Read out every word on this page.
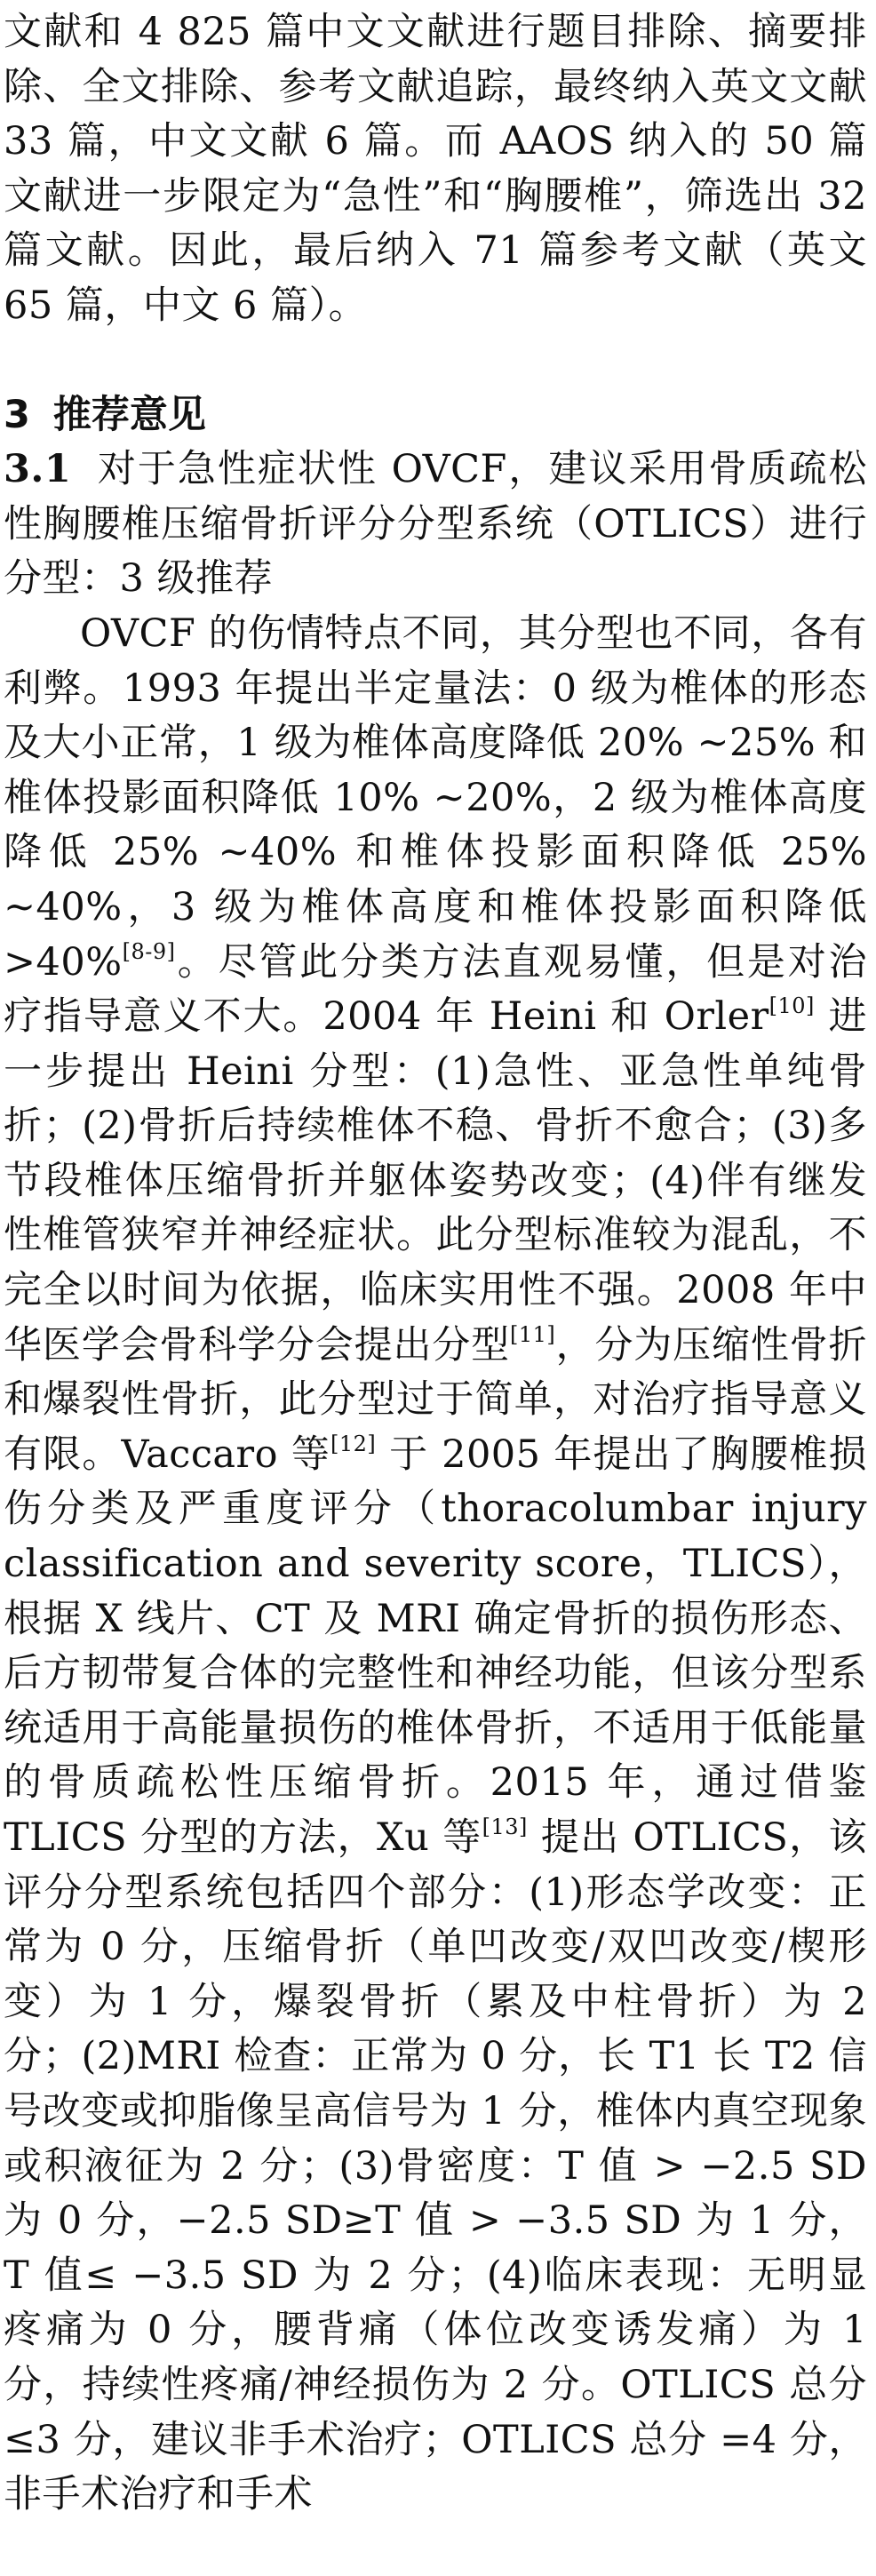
文献和 4 825 篇中文文献进行题目排除、摘要排除、全文排除、参考文献追踪，最终纳入英文文献 33 篇，中文文献 6 篇。而 AAOS 纳入的 50 篇文献进一步限定为“急性”和“胸腰椎”，筛选出 32 篇文献。因此，最后纳入 71 篇参考文献（英文 65 篇，中文 6 篇）。

3 推荐意见

3.1 对于急性症状性 OVCF，建议采用骨质疏松性胸腰椎压缩骨折评分分型系统（OTLICS）进行分型：3 级推荐

OVCF 的伤情特点不同，其分型也不同，各有利弊。1993 年提出半定量法：0 级为椎体的形态及大小正常，1 级为椎体高度降低 20% ~25% 和椎体投影面积降低 10% ~20%，2 级为椎体高度降低 25% ~40% 和椎体投影面积降低 25% ~40%，3 级为椎体高度和椎体投影面积降低 >40%[8-9]。尽管此分类方法直观易懂，但是对治疗指导意义不大。2004 年 Heini 和 Orler[10] 进一步提出 Heini 分型：(1)急性、亚急性单纯骨折；(2)骨折后持续椎体不稳、骨折不愈合；(3)多节段椎体压缩骨折并躯体姿势改变；(4)伴有继发性椎管狭窄并神经症状。此分型标准较为混乱，不完全以时间为依据，临床实用性不强。2008 年中华医学会骨科学分会提出分型[11]，分为压缩性骨折和爆裂性骨折，此分型过于简单，对治疗指导意义有限。Vaccaro 等[12] 于 2005 年提出了胸腰椎损伤分类及严重度评分（thoracolumbar injury classification and severity score，TLICS），根据 X 线片、CT 及 MRI 确定骨折的损伤形态、后方韧带复合体的完整性和神经功能，但该分型系统适用于高能量损伤的椎体骨折，不适用于低能量的骨质疏松性压缩骨折。2015 年，通过借鉴 TLICS 分型的方法，Xu 等[13] 提出 OTLICS，该评分分型系统包括四个部分：(1)形态学改变：正常为 0 分，压缩骨折（单凹改变/双凹改变/楔形变）为 1 分，爆裂骨折（累及中柱骨折）为 2 分；(2)MRI 检查：正常为 0 分，长 T1 长 T2 信号改变或抑脂像呈高信号为 1 分，椎体内真空现象或积液征为 2 分；(3)骨密度：T 值 > −2.5 SD 为 0 分，−2.5 SD≥T 值 > −3.5 SD 为 1 分，T 值≤ −3.5 SD 为 2 分；(4)临床表现：无明显疼痛为 0 分，腰背痛（体位改变诱发痛）为 1 分，持续性疼痛/神经损伤为 2 分。OTLICS 总分≤3 分，建议非手术治疗；OTLICS 总分 =4 分，非手术治疗和手术
